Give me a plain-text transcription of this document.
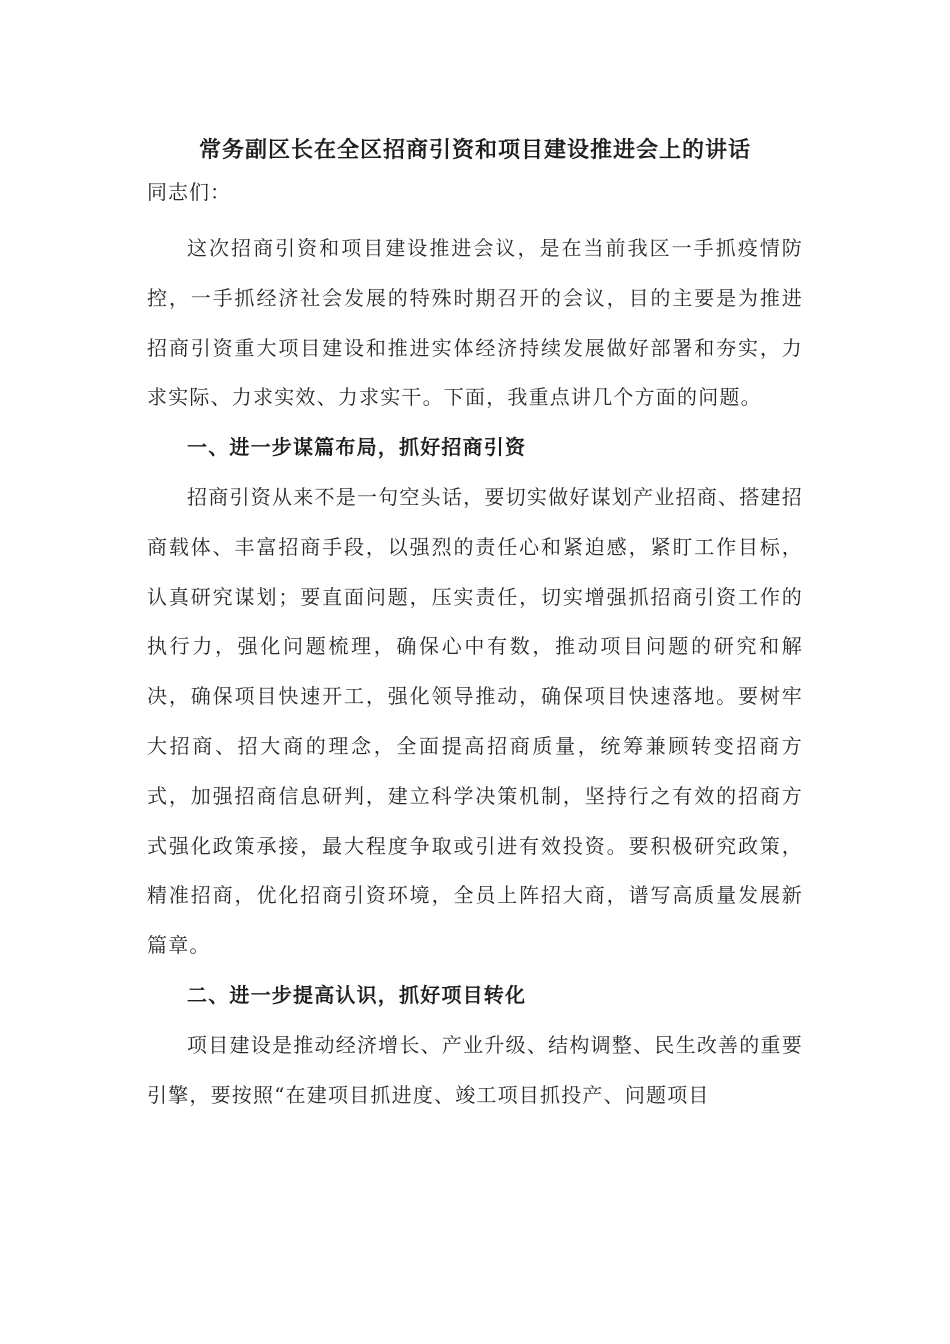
常务副区长在全区招商引资和项目建设推进会上的讲话

同志们：

这次招商引资和项目建设推进会议，是在当前我区一手抓疫情防控，一手抓经济社会发展的特殊时期召开的会议，目的主要是为推进招商引资重大项目建设和推进实体经济持续发展做好部署和夯实，力求实际、力求实效、力求实干。下面，我重点讲几个方面的问题。

一、进一步谋篇布局，抓好招商引资

招商引资从来不是一句空头话，要切实做好谋划产业招商、搭建招商载体、丰富招商手段，以强烈的责任心和紧迫感，紧盯工作目标，认真研究谋划；要直面问题，压实责任，切实增强抓招商引资工作的执行力，强化问题梳理，确保心中有数，推动项目问题的研究和解决，确保项目快速开工，强化领导推动，确保项目快速落地。要树牢大招商、招大商的理念，全面提高招商质量，统筹兼顾转变招商方式，加强招商信息研判，建立科学决策机制，坚持行之有效的招商方式强化政策承接，最大程度争取或引进有效投资。要积极研究政策，精准招商，优化招商引资环境，全员上阵招大商，谱写高质量发展新篇章。

二、进一步提高认识，抓好项目转化

项目建设是推动经济增长、产业升级、结构调整、民生改善的重要引擎，要按照“在建项目抓进度、竣工项目抓投产、问题项目
